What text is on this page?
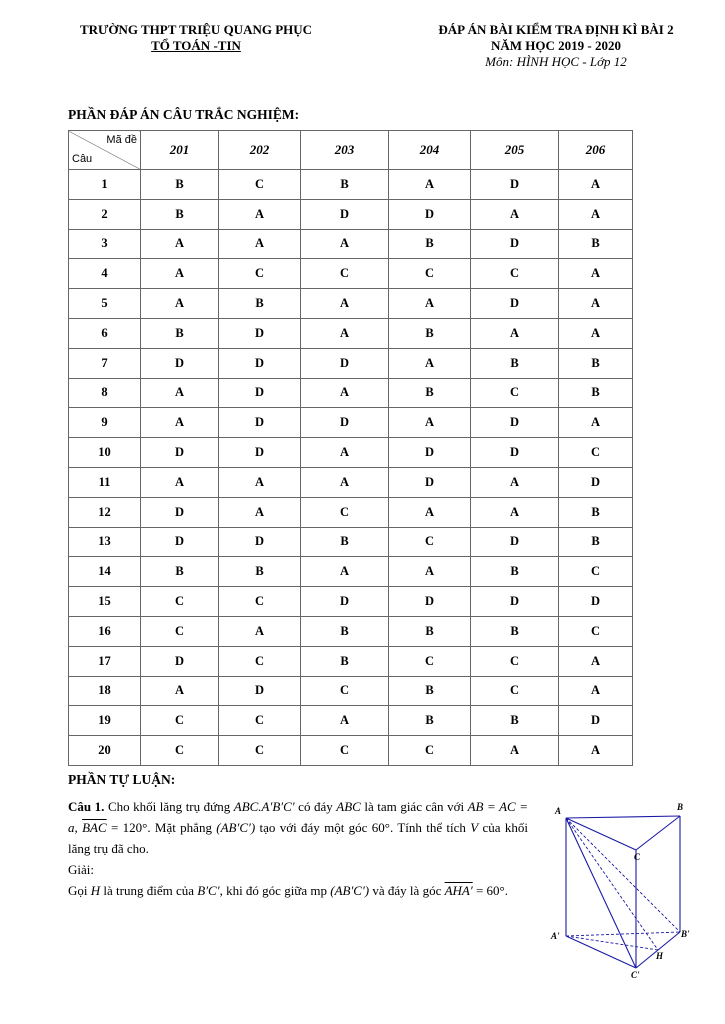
TRƯỜNG THPT TRIỆU QUANG PHỤC
TỔ TOÁN -TIN
ĐÁP ÁN BÀI KIỂM TRA ĐỊNH KÌ BÀI 2
NĂM HỌC 2019 - 2020
Môn: HÌNH HỌC - Lớp 12
PHẦN ĐÁP ÁN CÂU TRẮC NGHIỆM:
Mã đề
Câu	201	202	203	204	205	206
1	B	C	B	A	D	A
2	B	A	D	D	A	A
3	A	A	A	B	D	B
4	A	C	C	C	C	A
5	A	B	A	A	D	A
6	B	D	A	B	A	A
7	D	D	D	A	B	B
8	A	D	A	B	C	B
9	A	D	D	A	D	A
10	D	D	A	D	D	C
11	A	A	A	D	A	D
12	D	A	C	A	A	B
13	D	D	B	C	D	B
14	B	B	A	A	B	C
15	C	C	D	D	D	D
16	C	A	B	B	B	C
17	D	C	B	C	C	A
18	A	D	C	B	C	A
19	C	C	A	B	B	D
20	C	C	C	C	A	A
PHẦN TỰ LUẬN:

Câu 1. Cho khối lăng trụ đứng ABC.A′B′C′ có đáy ABC là tam giác cân với AB = AC = a, $\overline{BAC} = 120^\circ$. Mặt phẳng (AB′C′) tạo với đáy một góc 60°. Tính thể tích V của khối lăng trụ đã cho.

Giải:

Gọi H là trung điểm của B′C′, khi đó góc giữa mp (AB′C′) và đáy là góc AHA′ = 60°.

A	B
C
A'	B'
H
C'
